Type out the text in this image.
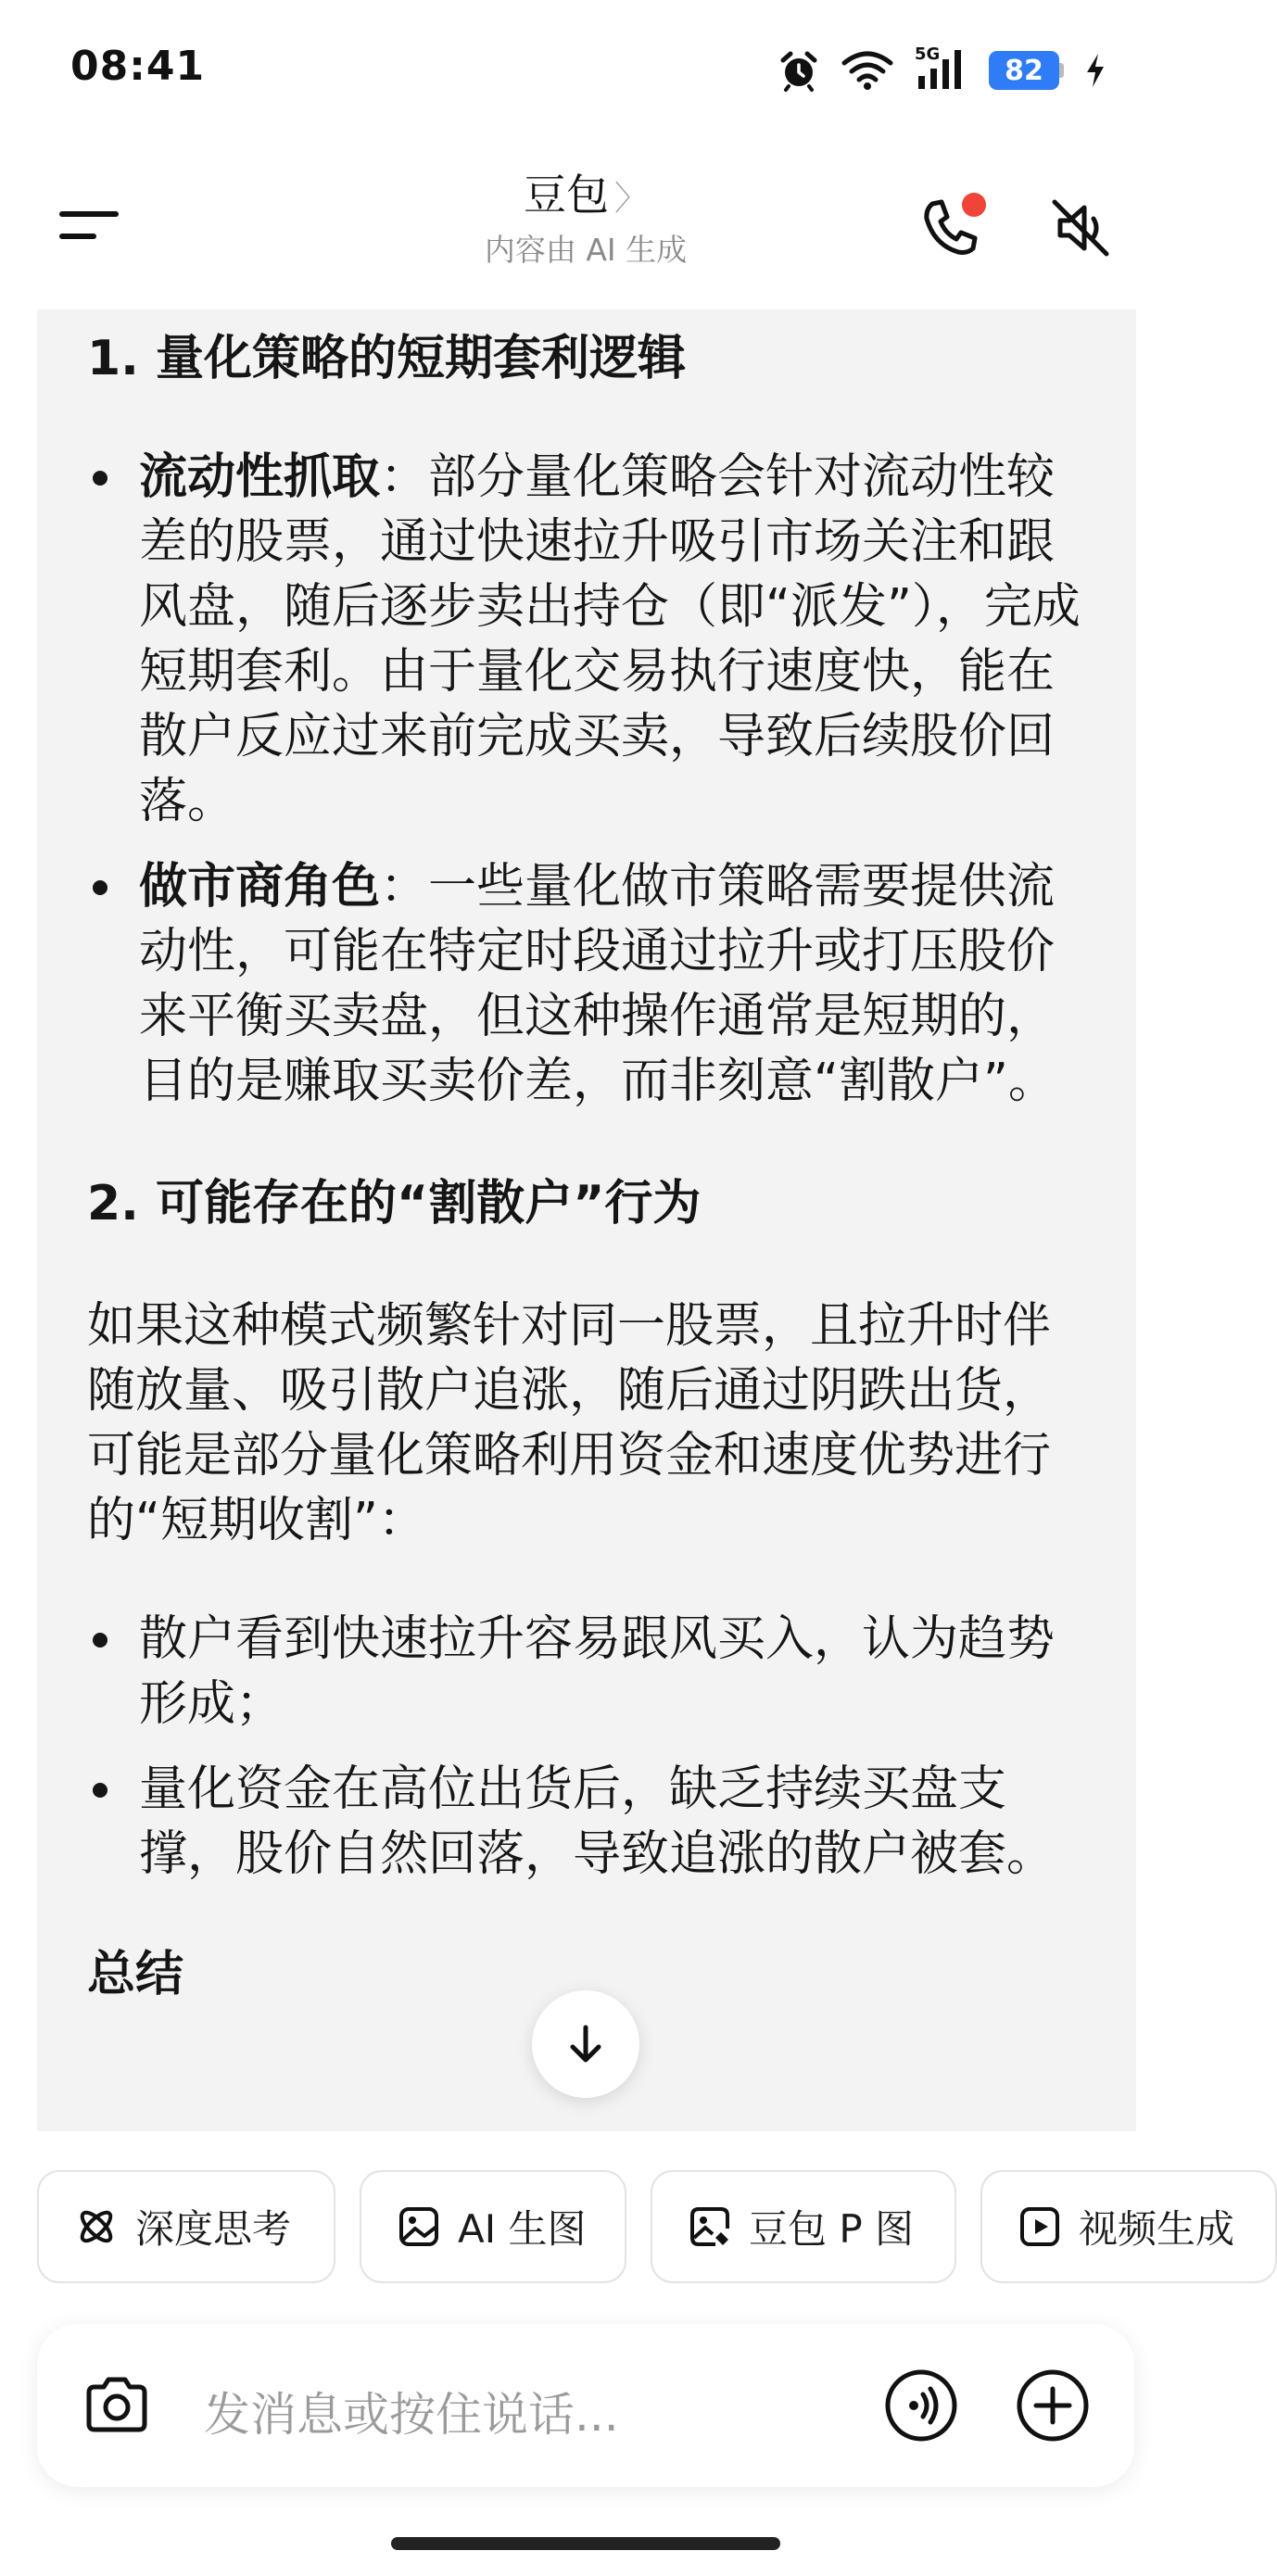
08:41	5G	82
豆包 〉
内容由 AI 生成
1. 量化策略的短期套利逻辑
流动性抓取：部分量化策略会针对流动性较差的股票，通过快速拉升吸引市场关注和跟风盘，随后逐步卖出持仓（即“派发”），完成短期套利。由于量化交易执行速度快，能在散户反应过来前完成买卖，导致后续股价回落。
做市商角色：一些量化做市策略需要提供流动性，可能在特定时段通过拉升或打压股价来平衡买卖盘，但这种操作通常是短期的，目的是赚取买卖价差，而非刻意“割散户”。
2. 可能存在的“割散户”行为
如果这种模式频繁针对同一股票，且拉升时伴随放量、吸引散户追涨，随后通过阴跌出货，可能是部分量化策略利用资金和速度优势进行的“短期收割”：
散户看到快速拉升容易跟风买入，认为趋势形成；
量化资金在高位出货后，缺乏持续买盘支撑，股价自然回落，导致追涨的散户被套。
总结
深度思考	AI 生图	豆包 P 图	视频生成
发消息或按住说话...
